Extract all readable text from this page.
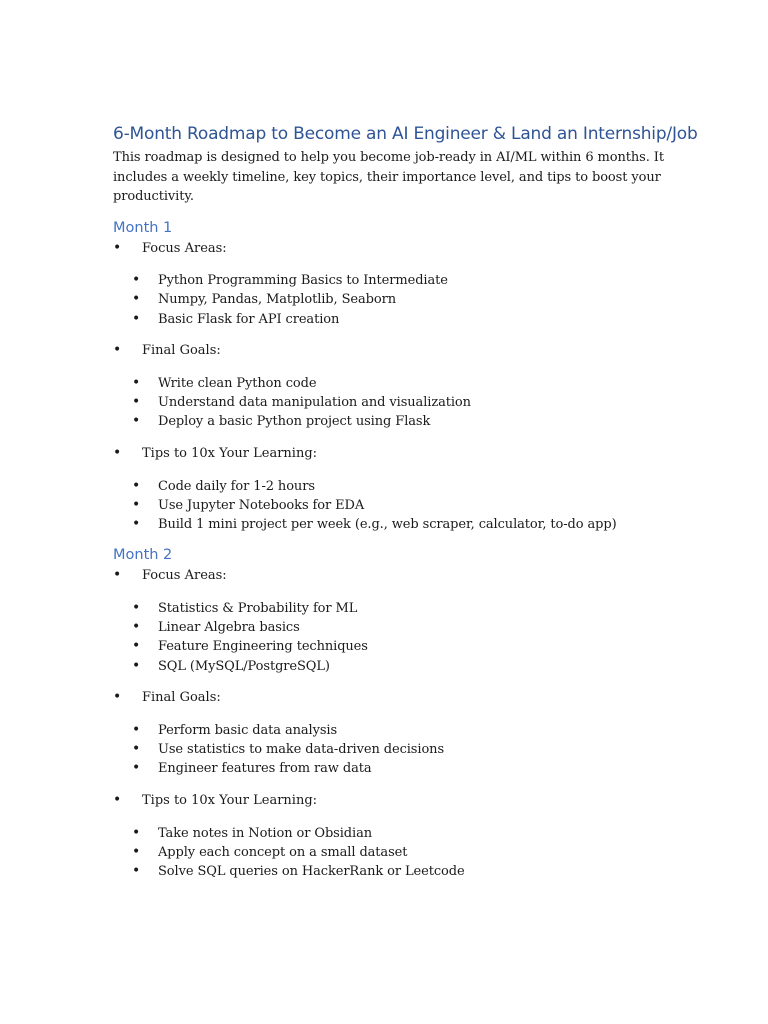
6-Month Roadmap to Become an AI Engineer & Land an Internship/Job

This roadmap is designed to help you become job-ready in AI/ML within 6 months. It includes a weekly timeline, key topics, their importance level, and tips to boost your productivity.

Month 1
• Focus Areas:
• Python Programming Basics to Intermediate
• Numpy, Pandas, Matplotlib, Seaborn
• Basic Flask for API creation
• Final Goals:
• Write clean Python code
• Understand data manipulation and visualization
• Deploy a basic Python project using Flask
• Tips to 10x Your Learning:
• Code daily for 1-2 hours
• Use Jupyter Notebooks for EDA
• Build 1 mini project per week (e.g., web scraper, calculator, to-do app)
Month 2
• Focus Areas:
• Statistics & Probability for ML
• Linear Algebra basics
• Feature Engineering techniques
• SQL (MySQL/PostgreSQL)
• Final Goals:
• Perform basic data analysis
• Use statistics to make data-driven decisions
• Engineer features from raw data
• Tips to 10x Your Learning:
• Take notes in Notion or Obsidian
• Apply each concept on a small dataset
• Solve SQL queries on HackerRank or Leetcode
